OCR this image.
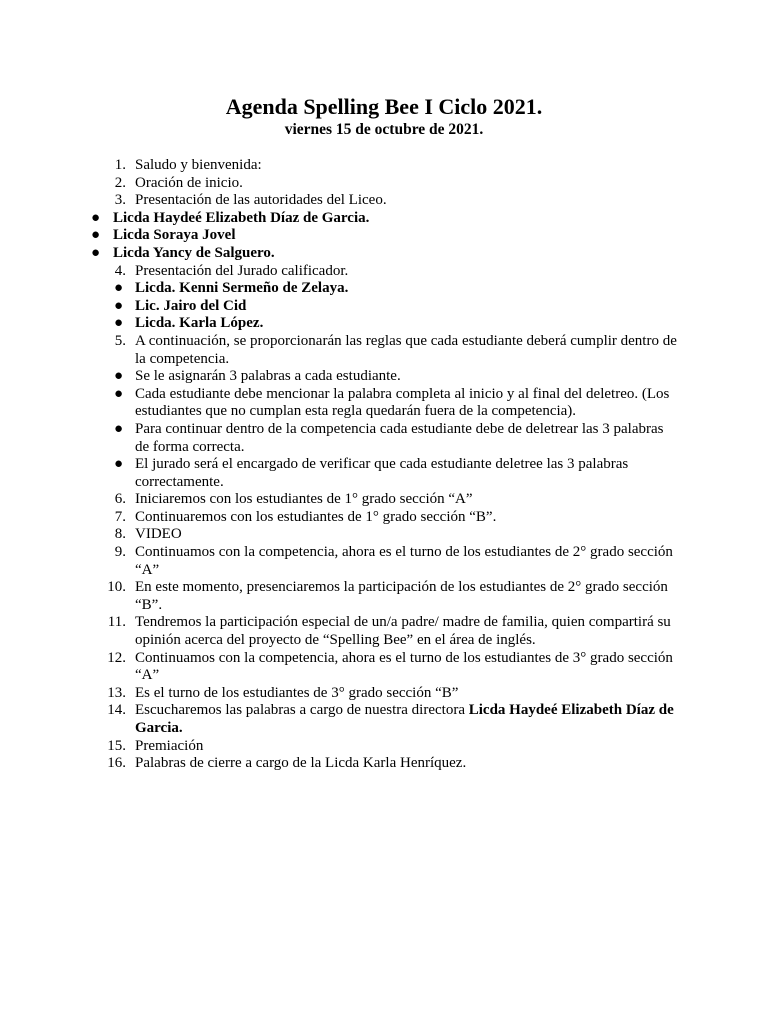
Agenda Spelling Bee I Ciclo 2021.
viernes 15 de octubre de 2021.
1. Saludo y bienvenida:
2. Oración de inicio.
3. Presentación de las autoridades del Liceo.
● Licda Haydeé Elizabeth Díaz de Garcia.
● Licda Soraya Jovel
● Licda Yancy de Salguero.
4. Presentación del Jurado calificador.
● Licda. Kenni Sermeño de Zelaya.
● Lic. Jairo del Cid
● Licda. Karla López.
5. A continuación, se proporcionarán las reglas que cada estudiante deberá cumplir dentro de la competencia.
● Se le asignarán 3 palabras a cada estudiante.
● Cada estudiante debe mencionar la palabra completa al inicio y al final del deletreo. (Los estudiantes que no cumplan esta regla quedarán fuera de la competencia).
● Para continuar dentro de la competencia cada estudiante debe de deletrear las 3 palabras de forma correcta.
● El jurado será el encargado de verificar que cada estudiante deletree las 3 palabras correctamente.
6. Iniciaremos con los estudiantes de 1° grado sección “A”
7. Continuaremos con los estudiantes de 1° grado sección “B”.
8. VIDEO
9. Continuamos con la competencia, ahora es el turno de los estudiantes de 2° grado sección “A”
10. En este momento, presenciaremos la participación de los estudiantes de 2° grado sección “B”.
11. Tendremos la participación especial de un/a padre/ madre de familia, quien compartirá su opinión acerca del proyecto de “Spelling Bee” en el área de inglés.
12. Continuamos con la competencia, ahora es el turno de los estudiantes de 3° grado sección “A”
13. Es el turno de los estudiantes de 3° grado sección “B”
14. Escucharemos las palabras a cargo de nuestra directora Licda Haydeé Elizabeth Díaz de Garcia.
15. Premiación
16. Palabras de cierre a cargo de la Licda Karla Henríquez.
